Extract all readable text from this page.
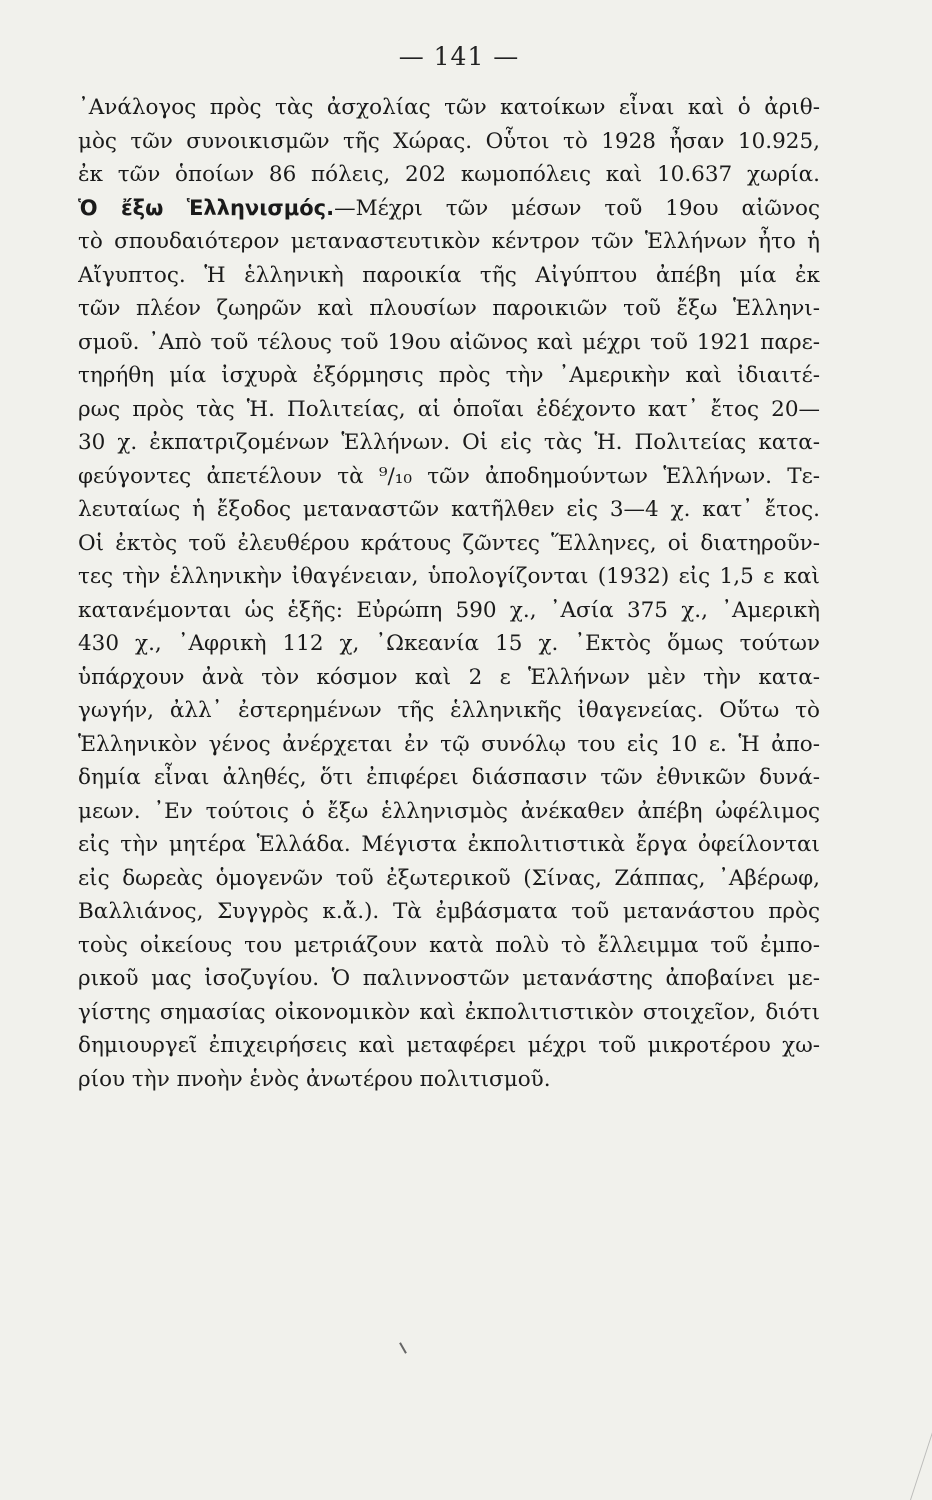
— 141 —
᾿Ανάλογος πρὸς τὰς ἀσχολίας τῶν κατοίκων εἶναι καὶ ὁ ἀριθ-
μὸς τῶν συνοικισμῶν τῆς Χώρας. Οὗτοι τὸ 1928 ἦσαν 10.925,
ἐκ τῶν ὁποίων 86 πόλεις, 202 κωμοπόλεις καὶ 10.637 χωρία.
Ὁ ἔξω Ἑλληνισμός.—Μέχρι τῶν μέσων τοῦ 19ου αἰῶνος
τὸ σπουδαιότερον μεταναστευτικὸν κέντρον τῶν Ἑλλήνων ἦτο ἡ
Αἴγυπτος. Ἡ ἑλληνικὴ παροικία τῆς Αἰγύπτου ἀπέβη μία ἐκ
τῶν πλέον ζωηρῶν καὶ πλουσίων παροικιῶν τοῦ ἔξω Ἑλληνι-
σμοῦ. ᾿Απὸ τοῦ τέλους τοῦ 19ου αἰῶνος καὶ μέχρι τοῦ 1921 παρε-
τηρήθη μία ἰσχυρὰ ἐξόρμησις πρὸς τὴν ᾿Αμερικὴν καὶ ἰδιαιτέ-
ρως πρὸς τὰς Ἡ. Πολιτείας, αἱ ὁποῖαι ἐδέχοντο κατ᾽ ἔτος 20—
30 χ. ἐκπατριζομένων Ἑλλήνων. Οἱ εἰς τὰς Ἡ. Πολιτείας κατα-
φεύγοντες ἀπετέλουν τὰ ⁹/₁₀ τῶν ἀποδημούντων Ἑλλήνων. Τε-
λευταίως ἡ ἔξοδος μεταναστῶν κατῆλθεν εἰς 3—4 χ. κατ᾽ ἔτος.
Οἱ ἐκτὸς τοῦ ἐλευθέρου κράτους ζῶντες Ἕλληνες, οἱ διατηροῦν-
τες τὴν ἑλληνικὴν ἰθαγένειαν, ὑπολογίζονται (1932) εἰς 1,5 ε καὶ
κατανέμονται ὡς ἑξῆς: Εὐρώπη 590 χ., ᾿Ασία 375 χ., ᾿Αμερικὴ
430 χ., ᾿Αφρικὴ 112 χ, ᾿Ωκεανία 15 χ. ᾿Εκτὸς ὅμως τούτων
ὑπάρχουν ἀνὰ τὸν κόσμον καὶ 2 ε Ἑλλήνων μὲν τὴν κατα-
γωγήν, ἀλλ᾽ ἐστερημένων τῆς ἑλληνικῆς ἰθαγενείας. Οὕτω τὸ
Ἑλληνικὸν γένος ἀνέρχεται ἐν τῷ συνόλῳ του εἰς 10 ε. Ἡ ἀπο-
δημία εἶναι ἀληθές, ὅτι ἐπιφέρει διάσπασιν τῶν ἐθνικῶν δυνά-
μεων. ᾿Εν τούτοις ὁ ἔξω ἑλληνισμὸς ἀνέκαθεν ἀπέβη ὠφέλιμος
εἰς τὴν μητέρα Ἑλλάδα. Μέγιστα ἐκπολιτιστικὰ ἔργα ὀφείλονται
εἰς δωρεὰς ὁμογενῶν τοῦ ἐξωτερικοῦ (Σίνας, Ζάππας, ᾿Αβέρωφ,
Βαλλιάνος, Συγγρὸς κ.ἄ.). Τὰ ἐμβάσματα τοῦ μετανάστου πρὸς
τοὺς οἰκείους του μετριάζουν κατὰ πολὺ τὸ ἔλλειμμα τοῦ ἐμπο-
ρικοῦ μας ἰσοζυγίου. Ὁ παλιννοστῶν μετανάστης ἀποβαίνει με-
γίστης σημασίας οἰκονομικὸν καὶ ἐκπολιτιστικὸν στοιχεῖον, διότι
δημιουργεῖ ἐπιχειρήσεις καὶ μεταφέρει μέχρι τοῦ μικροτέρου χω-
ρίου τὴν πνοὴν ἑνὸς ἀνωτέρου πολιτισμοῦ.
